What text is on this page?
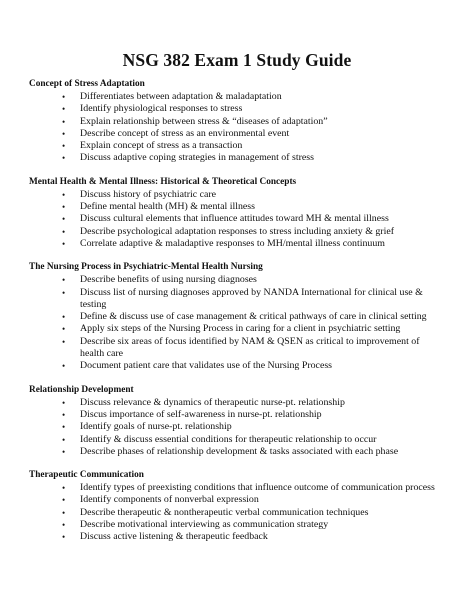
NSG 382 Exam 1 Study Guide
Concept of Stress Adaptation
• Differentiates between adaptation & maladaptation
• Identify physiological responses to stress
• Explain relationship between stress & “diseases of adaptation”
• Describe concept of stress as an environmental event
• Explain concept of stress as a transaction
• Discuss adaptive coping strategies in management of stress
Mental Health & Mental Illness: Historical & Theoretical Concepts
• Discuss history of psychiatric care
• Define mental health (MH) & mental illness
• Discuss cultural elements that influence attitudes toward MH & mental illness
• Describe psychological adaptation responses to stress including anxiety & grief
• Correlate adaptive & maladaptive responses to MH/mental illness continuum
The Nursing Process in Psychiatric-Mental Health Nursing
• Describe benefits of using nursing diagnoses
• Discuss list of nursing diagnoses approved by NANDA International for clinical use & testing
• Define & discuss use of case management & critical pathways of care in clinical setting
• Apply six steps of the Nursing Process in caring for a client in psychiatric setting
• Describe six areas of focus identified by NAM & QSEN as critical to improvement of health care
• Document patient care that validates use of the Nursing Process
Relationship Development
• Discuss relevance & dynamics of therapeutic nurse-pt. relationship
• Discus importance of self-awareness in nurse-pt. relationship
• Identify goals of nurse-pt. relationship
• Identify & discuss essential conditions for therapeutic relationship to occur
• Describe phases of relationship development & tasks associated with each phase
Therapeutic Communication
• Identify types of preexisting conditions that influence outcome of communication process
• Identify components of nonverbal expression
• Describe therapeutic & nontherapeutic verbal communication techniques
• Describe motivational interviewing as communication strategy
• Discuss active listening & therapeutic feedback
